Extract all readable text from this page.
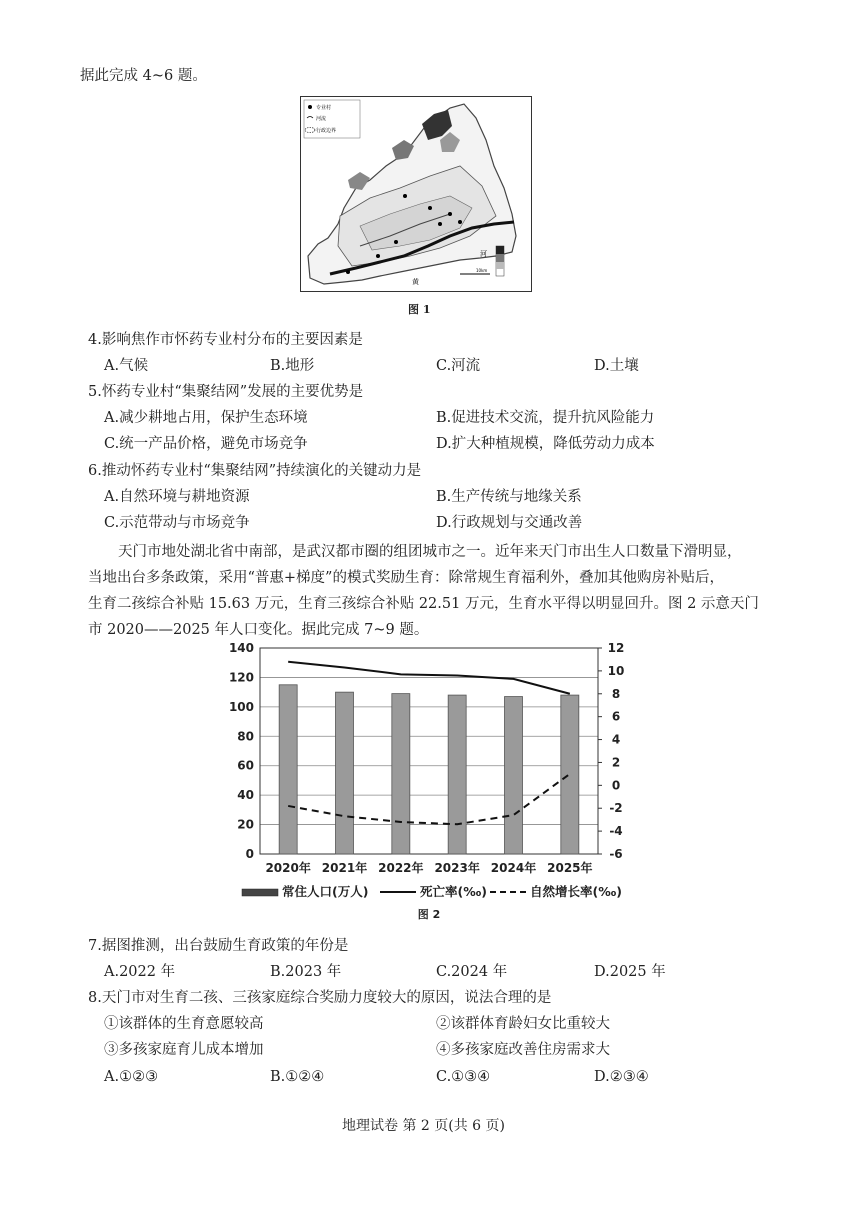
据此完成 4~6 题。
专业村
河流
行政边界
河
黄
10km
图 1
4.影响焦作市怀药专业村分布的主要因素是
A.气候	B.地形	C.河流	D.土壤
5.怀药专业村“集聚结网”发展的主要优势是
A.减少耕地占用，保护生态环境	B.促进技术交流，提升抗风险能力
C.统一产品价格，避免市场竞争	D.扩大种植规模，降低劳动力成本
6.推动怀药专业村“集聚结网”持续演化的关键动力是
A.自然环境与耕地资源	B.生产传统与地缘关系
C.示范带动与市场竞争	D.行政规划与交通改善
天门市地处湖北省中南部，是武汉都市圈的组团城市之一。近年来天门市出生人口数量下滑明显，
当地出台多条政策，采用“普惠+梯度”的模式奖励生育：除常规生育福利外，叠加其他购房补贴后，
生育二孩综合补贴 15.63 万元，生育三孩综合补贴 22.51 万元，生育水平得以明显回升。图 2 示意天门
市 2020——2025 年人口变化。据此完成 7~9 题。
0
20
40
60
80
100
120
140
-6
-4
-2
0
2
4
6
8
10
12
2020年 2021年 2022年 2023年 2024年 2025年
常住人口(万人)	死亡率(‰)	自然增长率(‰)
图 2
7.据图推测，出台鼓励生育政策的年份是
A.2022 年	B.2023 年	C.2024 年	D.2025 年
8.天门市对生育二孩、三孩家庭综合奖励力度较大的原因，说法合理的是
①该群体的生育意愿较高	②该群体育龄妇女比重较大
③多孩家庭育儿成本增加	④多孩家庭改善住房需求大
A.①②③	B.①②④	C.①③④	D.②③④
地理试卷 第 2 页(共 6 页)
